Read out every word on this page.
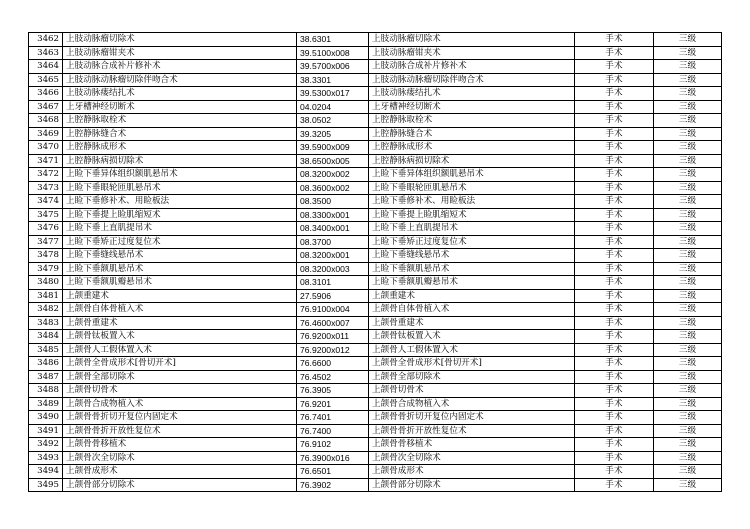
3462	上肢动脉瘤切除术	38.6301	上肢动脉瘤切除术	手术	三级
3463	上肢动脉瘤钳夹术	39.5100x008	上肢动脉瘤钳夹术	手术	三级
3464	上肢动脉合成补片修补术	39.5700x006	上肢动脉合成补片修补术	手术	三级
3465	上肢动脉动脉瘤切除伴吻合术	38.3301	上肢动脉动脉瘤切除伴吻合术	手术	三级
3466	上肢动脉瘘结扎术	39.5300x017	上肢动脉瘘结扎术	手术	三级
3467	上牙槽神经切断术	04.0204	上牙槽神经切断术	手术	三级
3468	上腔静脉取栓术	38.0502	上腔静脉取栓术	手术	三级
3469	上腔静脉缝合术	39.3205	上腔静脉缝合术	手术	三级
3470	上腔静脉成形术	39.5900x009	上腔静脉成形术	手术	三级
3471	上腔静脉病损切除术	38.6500x005	上腔静脉病损切除术	手术	三级
3472	上睑下垂异体组织额肌悬吊术	08.3200x002	上睑下垂异体组织额肌悬吊术	手术	三级
3473	上睑下垂眼轮匝肌悬吊术	08.3600x002	上睑下垂眼轮匝肌悬吊术	手术	三级
3474	上睑下垂修补术、用睑板法	08.3500	上睑下垂修补术、用睑板法	手术	三级
3475	上睑下垂提上睑肌缩短术	08.3300x001	上睑下垂提上睑肌缩短术	手术	三级
3476	上睑下垂上直肌提吊术	08.3400x001	上睑下垂上直肌提吊术	手术	三级
3477	上睑下垂矫正过度复位术	08.3700	上睑下垂矫正过度复位术	手术	三级
3478	上睑下垂缝线悬吊术	08.3200x001	上睑下垂缝线悬吊术	手术	三级
3479	上睑下垂额肌悬吊术	08.3200x003	上睑下垂额肌悬吊术	手术	三级
3480	上睑下垂额肌瓣悬吊术	08.3101	上睑下垂额肌瓣悬吊术	手术	三级
3481	上颌重建术	27.5906	上颌重建术	手术	三级
3482	上颌骨自体骨植入术	76.9100x004	上颌骨自体骨植入术	手术	三级
3483	上颌骨重建术	76.4600x007	上颌骨重建术	手术	三级
3484	上颌骨钛板置入术	76.9200x011	上颌骨钛板置入术	手术	三级
3485	上颌骨人工假体置入术	76.9200x012	上颌骨人工假体置入术	手术	三级
3486	上颌骨全骨成形术[骨切开术]	76.6600	上颌骨全骨成形术[骨切开术]	手术	三级
3487	上颌骨全部切除术	76.4502	上颌骨全部切除术	手术	三级
3488	上颌骨切骨术	76.3905	上颌骨切骨术	手术	三级
3489	上颌骨合成物植入术	76.9201	上颌骨合成物植入术	手术	三级
3490	上颌骨骨折切开复位内固定术	76.7401	上颌骨骨折切开复位内固定术	手术	三级
3491	上颌骨骨折开放性复位术	76.7400	上颌骨骨折开放性复位术	手术	三级
3492	上颌骨骨移植术	76.9102	上颌骨骨移植术	手术	三级
3493	上颌骨次全切除术	76.3900x016	上颌骨次全切除术	手术	三级
3494	上颌骨成形术	76.6501	上颌骨成形术	手术	三级
3495	上颌骨部分切除术	76.3902	上颌骨部分切除术	手术	三级
